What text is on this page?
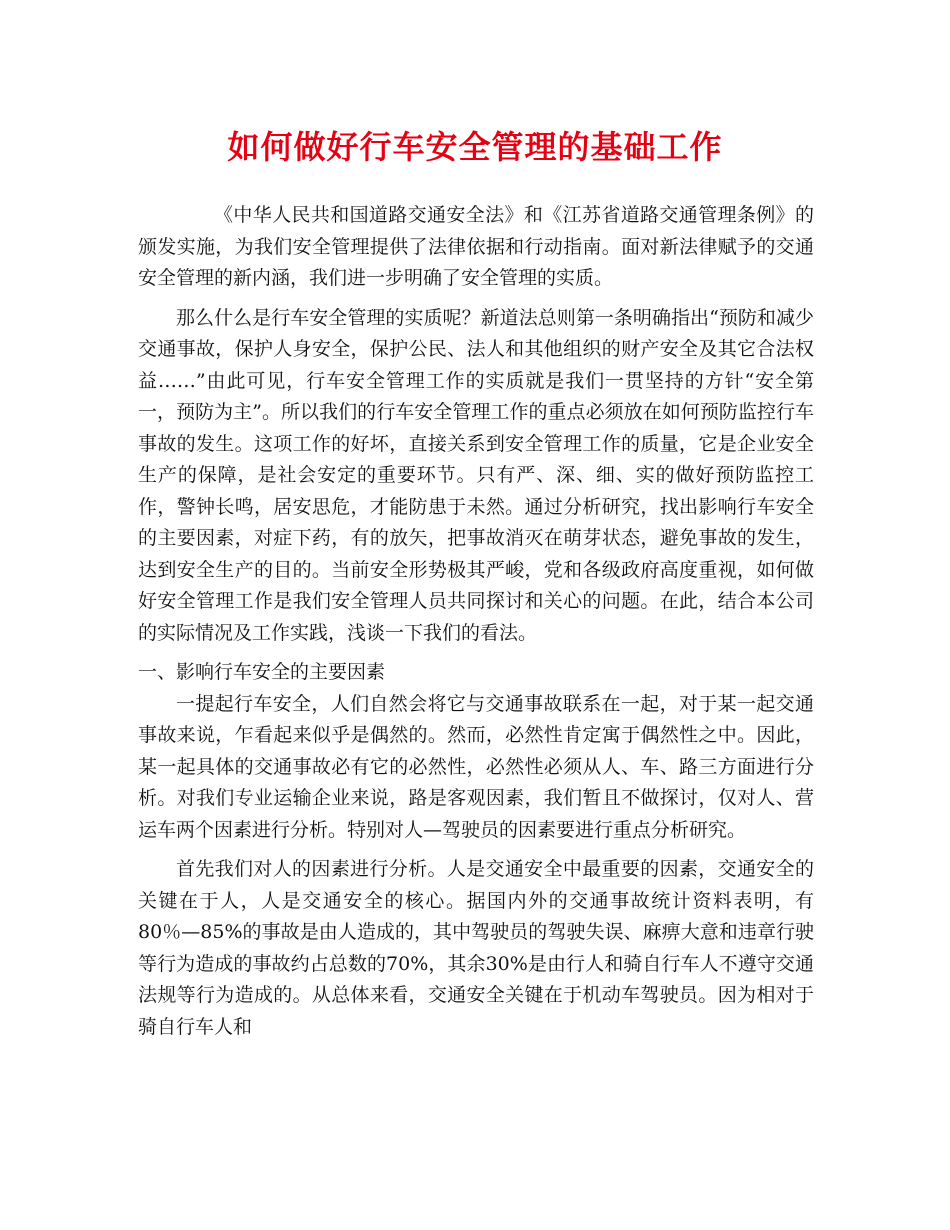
如何做好行车安全管理的基础工作

《中华人民共和国道路交通安全法》和《江苏省道路交通管理条例》的颁发实施，为我们安全管理提供了法律依据和行动指南。面对新法律赋予的交通安全管理的新内涵，我们进一步明确了安全管理的实质。

那么什么是行车安全管理的实质呢？新道法总则第一条明确指出“预防和减少交通事故，保护人身安全，保护公民、法人和其他组织的财产安全及其它合法权益……”由此可见，行车安全管理工作的实质就是我们一贯坚持的方针“安全第一，预防为主”。所以我们的行车安全管理工作的重点必须放在如何预防监控行车事故的发生。这项工作的好坏，直接关系到安全管理工作的质量，它是企业安全生产的保障，是社会安定的重要环节。只有严、深、细、实的做好预防监控工作，警钟长鸣，居安思危，才能防患于未然。通过分析研究，找出影响行车安全的主要因素，对症下药，有的放矢，把事故消灭在萌芽状态，避免事故的发生，达到安全生产的目的。当前安全形势极其严峻，党和各级政府高度重视，如何做好安全管理工作是我们安全管理人员共同探讨和关心的问题。在此，结合本公司的实际情况及工作实践，浅谈一下我们的看法。

一、影响行车安全的主要因素

一提起行车安全，人们自然会将它与交通事故联系在一起，对于某一起交通事故来说，乍看起来似乎是偶然的。然而，必然性肯定寓于偶然性之中。因此，某一起具体的交通事故必有它的必然性，必然性必须从人、车、路三方面进行分析。对我们专业运输企业来说，路是客观因素，我们暂且不做探讨，仅对人、营运车两个因素进行分析。特别对人—驾驶员的因素要进行重点分析研究。

首先我们对人的因素进行分析。人是交通安全中最重要的因素，交通安全的关键在于人，人是交通安全的核心。据国内外的交通事故统计资料表明，有 80％—85%的事故是由人造成的，其中驾驶员的驾驶失误、麻痹大意和违章行驶等行为造成的事故约占总数的70%，其余30%是由行人和骑自行车人不遵守交通法规等行为造成的。从总体来看，交通安全关键在于机动车驾驶员。因为相对于骑自行车人和
